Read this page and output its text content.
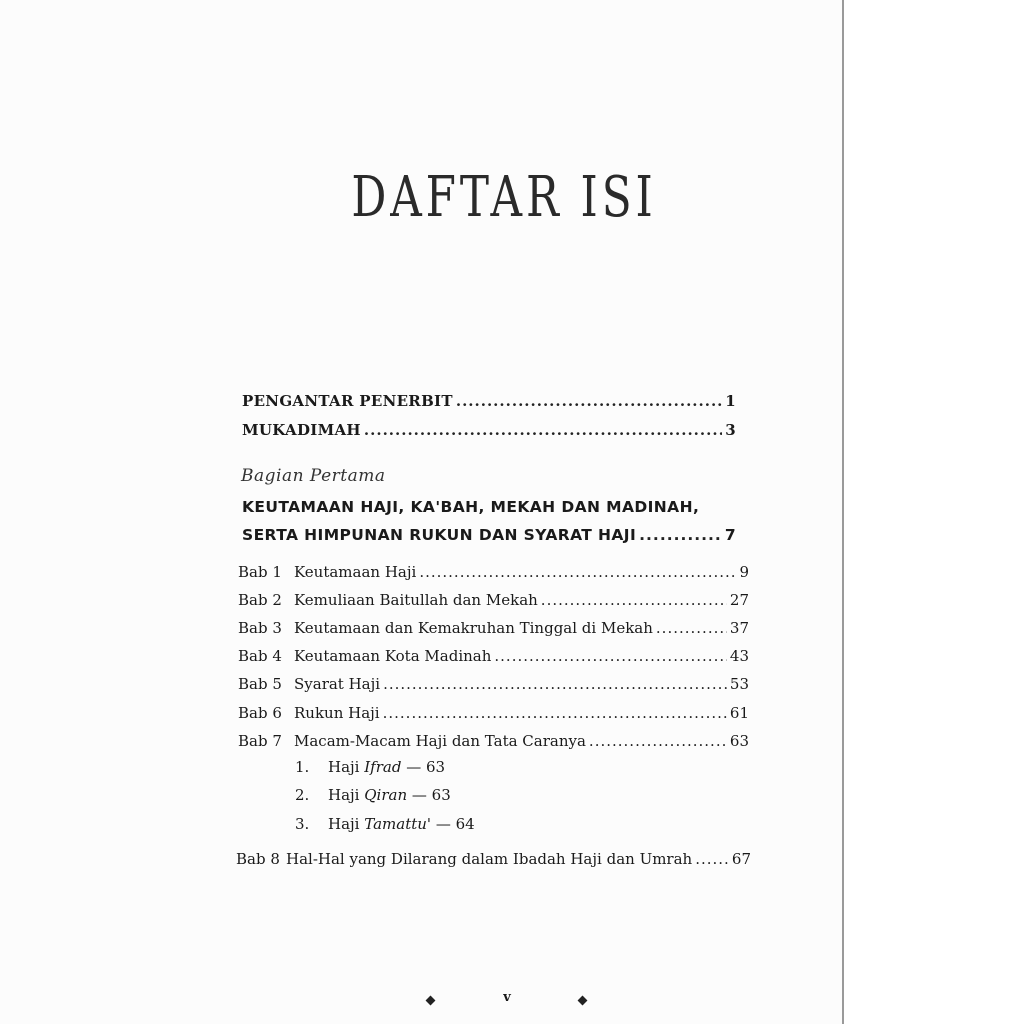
DAFTAR ISI
PENGANTAR PENERBIT .....	1
MUKADIMAH .....	3
Bagian Pertama
KEUTAMAAN HAJI, KA'BAH, MEKAH DAN MADINAH,
SERTA HIMPUNAN RUKUN DAN SYARAT HAJI .....	7
Bab 1 Keutamaan Haji .....	9
Bab 2 Kemuliaan Baitullah dan Mekah .....	27
Bab 3 Keutamaan dan Kemakruhan Tinggal di Mekah .....	37
Bab 4 Keutamaan Kota Madinah .....	43
Bab 5 Syarat Haji .....	53
Bab 6 Rukun Haji .....	61
Bab 7 Macam-Macam Haji dan Tata Caranya .....	63
1. Haji Ifrad — 63
2. Haji Qiran — 63
3. Haji Tamattu' — 64
Bab 8 Hal-Hal yang Dilarang dalam Ibadah Haji dan Umrah .....	67
v
